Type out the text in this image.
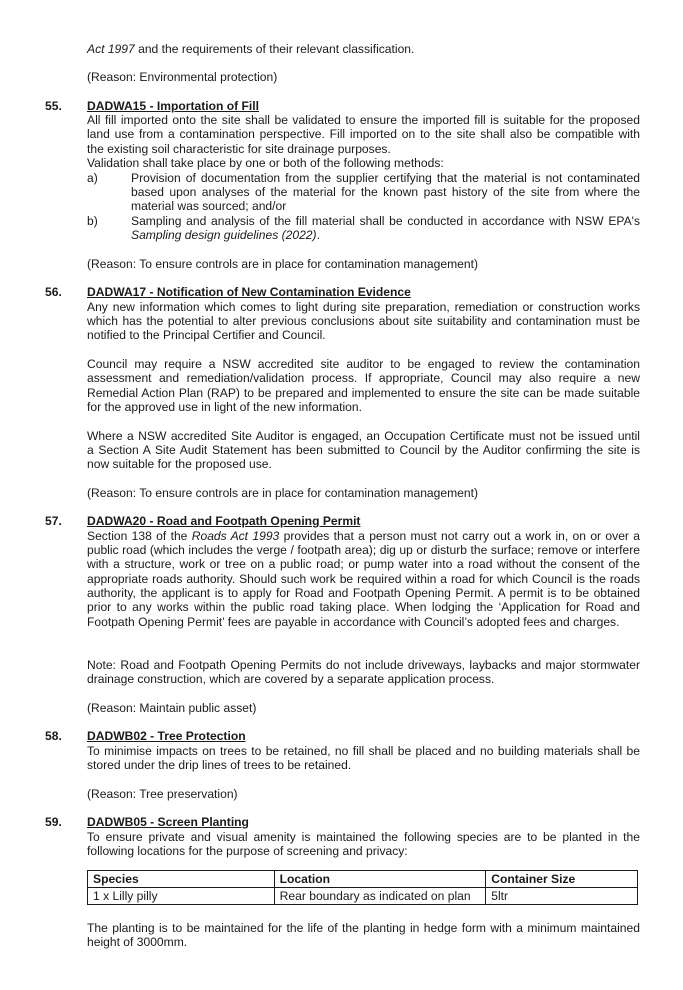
Act 1997 and the requirements of their relevant classification.
(Reason: Environmental protection)
55. DADWA15 - Importation of Fill
All fill imported onto the site shall be validated to ensure the imported fill is suitable for the proposed
land use from a contamination perspective. Fill imported on to the site shall also be compatible with
the existing soil characteristic for site drainage purposes.
Validation shall take place by one or both of the following methods:
a)	Provision of documentation from the supplier certifying that the material is not contaminated
based upon analyses of the material for the known past history of the site from where the
material was sourced; and/or
b)	Sampling and analysis of the fill material shall be conducted in accordance with NSW EPA's
Sampling design guidelines (2022).
(Reason: To ensure controls are in place for contamination management)
56. DADWA17 - Notification of New Contamination Evidence
Any new information which comes to light during site preparation, remediation or construction works
which has the potential to alter previous conclusions about site suitability and contamination must be
notified to the Principal Certifier and Council.
Council may require a NSW accredited site auditor to be engaged to review the contamination
assessment and remediation/validation process. If appropriate, Council may also require a new
Remedial Action Plan (RAP) to be prepared and implemented to ensure the site can be made suitable
for the approved use in light of the new information.
Where a NSW accredited Site Auditor is engaged, an Occupation Certificate must not be issued until
a Section A Site Audit Statement has been submitted to Council by the Auditor confirming the site is
now suitable for the proposed use.
(Reason: To ensure controls are in place for contamination management)
57. DADWA20 - Road and Footpath Opening Permit
Section 138 of the Roads Act 1993 provides that a person must not carry out a work in, on or over a
public road (which includes the verge / footpath area); dig up or disturb the surface; remove or interfere
with a structure, work or tree on a public road; or pump water into a road without the consent of the
appropriate roads authority. Should such work be required within a road for which Council is the roads
authority, the applicant is to apply for Road and Footpath Opening Permit. A permit is to be obtained
prior to any works within the public road taking place. When lodging the ‘Application for Road and
Footpath Opening Permit’ fees are payable in accordance with Council’s adopted fees and charges.
Note: Road and Footpath Opening Permits do not include driveways, laybacks and major stormwater
drainage construction, which are covered by a separate application process.
(Reason: Maintain public asset)
58. DADWB02 - Tree Protection
To minimise impacts on trees to be retained, no fill shall be placed and no building materials shall be
stored under the drip lines of trees to be retained.
(Reason: Tree preservation)
59. DADWB05 - Screen Planting
To ensure private and visual amenity is maintained the following species are to be planted in the
following locations for the purpose of screening and privacy:
Species	Location	Container Size
1 x Lilly pilly	Rear boundary as indicated on plan	5ltr
The planting is to be maintained for the life of the planting in hedge form with a minimum maintained
height of 3000mm.
